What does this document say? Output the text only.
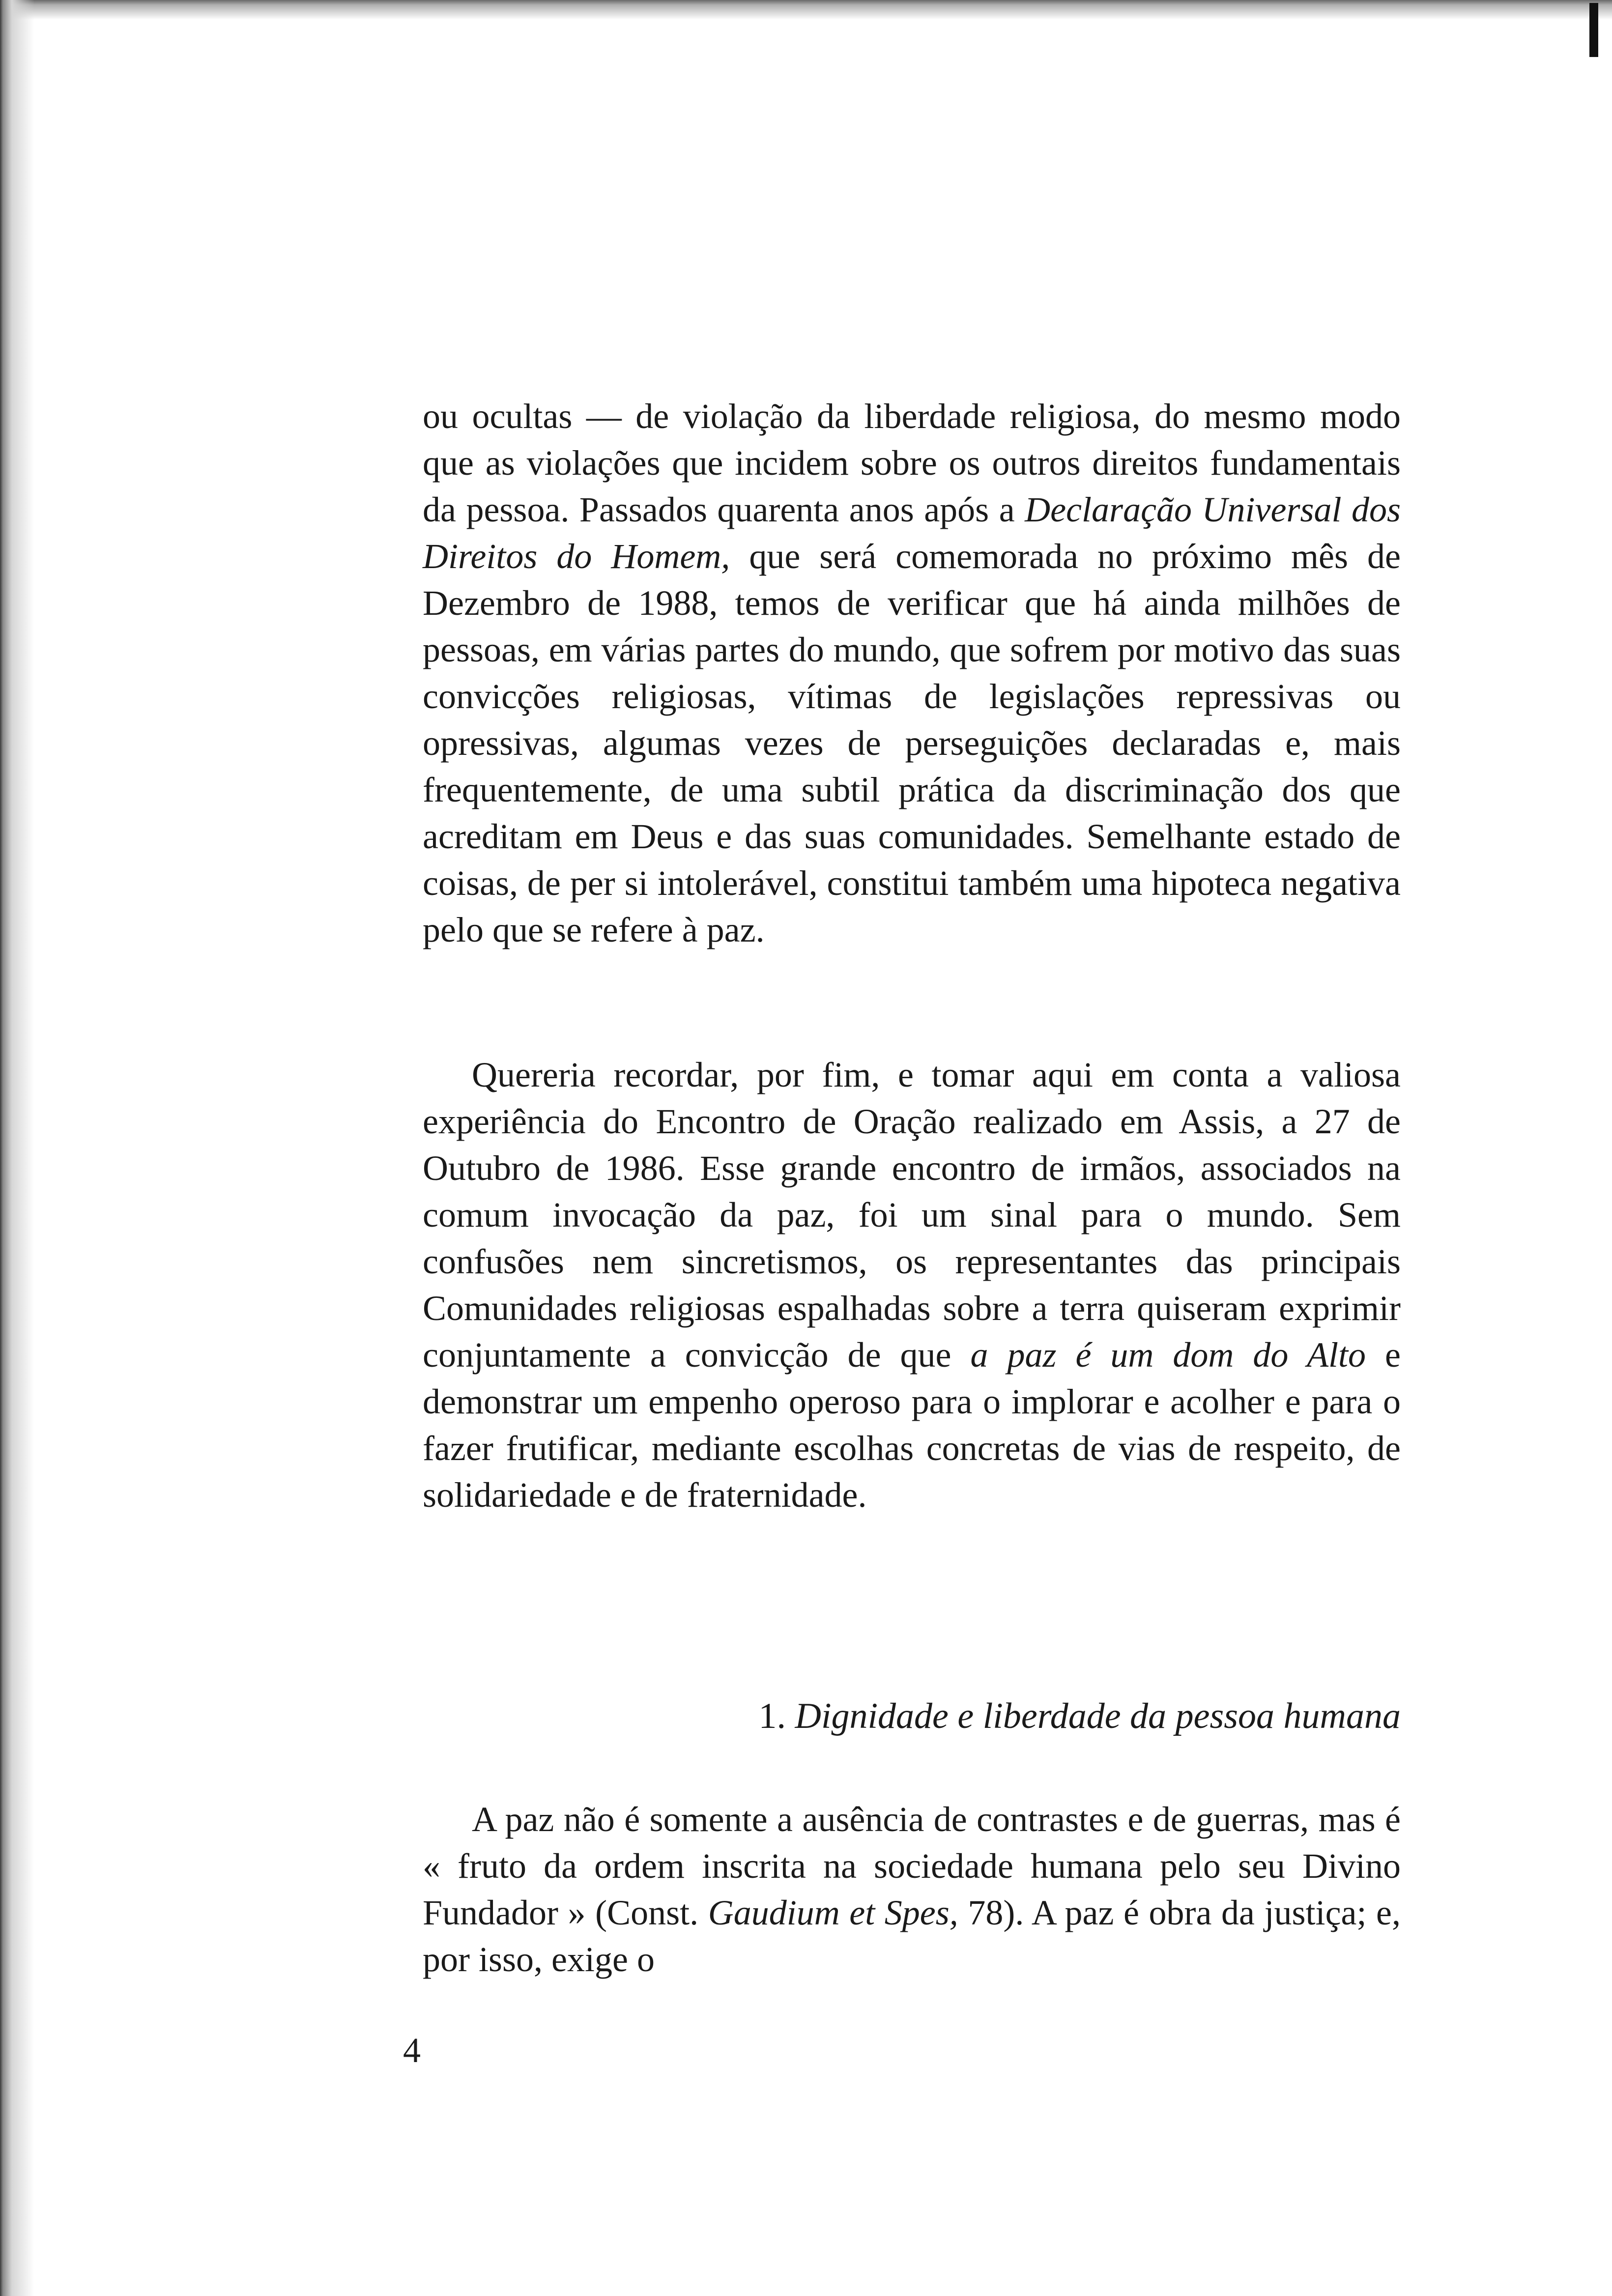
ou ocultas — de violação da liberdade religiosa, do mesmo modo que as violações que incidem sobre os outros direitos fundamentais da pessoa. Passados quarenta anos após a Declaração Universal dos Direitos do Homem, que será comemorada no próximo mês de Dezembro de 1988, temos de verificar que há ainda milhões de pessoas, em várias partes do mundo, que sofrem por motivo das suas convicções religiosas, vítimas de legislações repressivas ou opressivas, algumas vezes de perseguições declaradas e, mais frequentemente, de uma subtil prática da discriminação dos que acreditam em Deus e das suas comunidades. Semelhante estado de coisas, de per si intolerável, constitui também uma hipoteca negativa pelo que se refere à paz.

Quereria recordar, por fim, e tomar aqui em conta a valiosa experiência do Encontro de Oração realizado em Assis, a 27 de Outubro de 1986. Esse grande encontro de irmãos, associados na comum invocação da paz, foi um sinal para o mundo. Sem confusões nem sincretismos, os representantes das principais Comunidades religiosas espalhadas sobre a terra quiseram exprimir conjuntamente a convicção de que a paz é um dom do Alto e demonstrar um empenho operoso para o implorar e acolher e para o fazer frutificar, mediante escolhas concretas de vias de respeito, de solidariedade e de fraternidade.

1. Dignidade e liberdade da pessoa humana

A paz não é somente a ausência de contrastes e de guerras, mas é « fruto da ordem inscrita na sociedade humana pelo seu Divino Fundador » (Const. Gaudium et Spes, 78). A paz é obra da justiça; e, por isso, exige o

4
